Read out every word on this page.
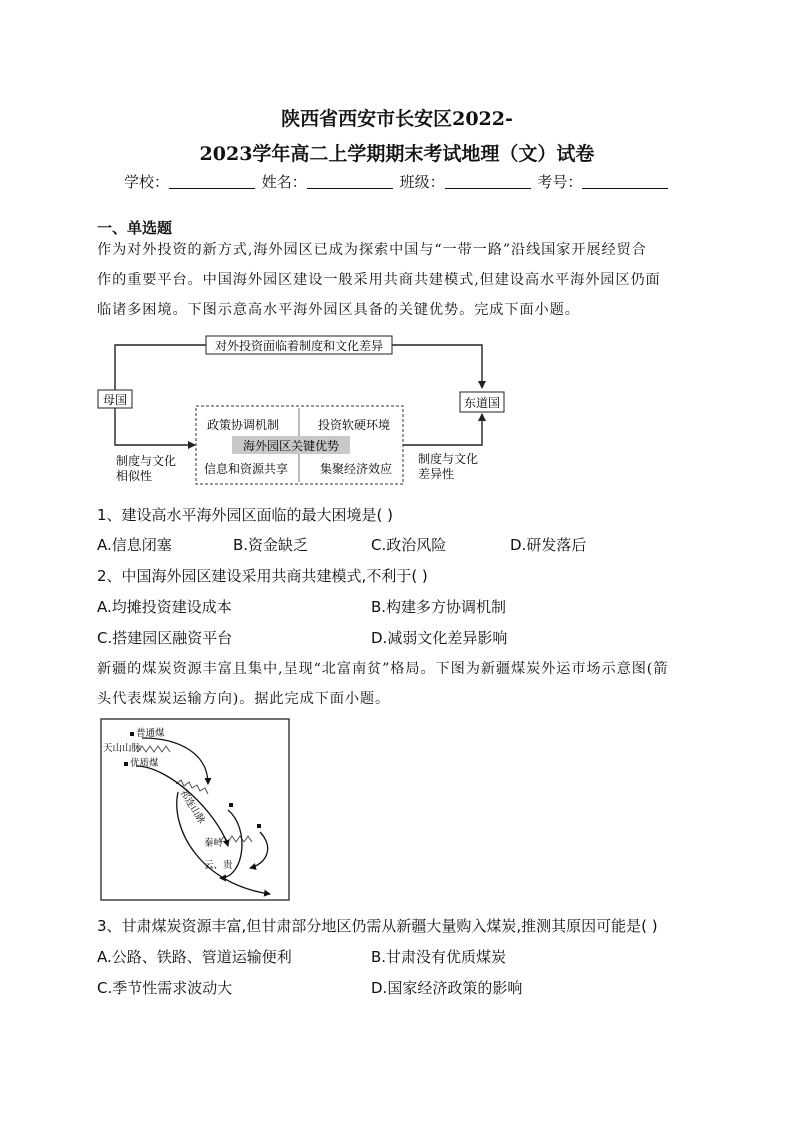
陕西省西安市长安区2022-
2023学年高二上学期期末考试地理（文）试卷
学校：	姓名：	班级：	考号：
一、单选题
作为对外投资的新方式,海外园区已成为探索中国与“一带一路”沿线国家开展经贸合
作的重要平台。中国海外园区建设一般采用共商共建模式,但建设高水平海外园区仍面
临诸多困境。下图示意高水平海外园区具备的关键优势。完成下面小题。
对外投资面临着制度和文化差异
母国	东道国
政策协调机制	投资软硬环境
信息和资源共享	集聚经济效应
海外园区关键优势
制度与文化
相似性
制度与文化
差异性
1、建设高水平海外园区面临的最大困境是( )
A.信息闭塞	B.资金缺乏	C.政治风险	D.研发落后
2、中国海外园区建设采用共商共建模式,不利于( )
A.均摊投资建设成本	B.构建多方协调机制
C.搭建园区融资平台	D.减弱文化差异影响
新疆的煤炭资源丰富且集中,呈现“北富南贫”格局。下图为新疆煤炭外运市场示意图(箭
头代表煤炭运输方向)。据此完成下面小题。
普通煤
天山山脉
优质煤
祁连山脉
秦岭
云、贵
3、甘肃煤炭资源丰富,但甘肃部分地区仍需从新疆大量购入煤炭,推测其原因可能是( )
A.公路、铁路、管道运输便利	B.甘肃没有优质煤炭
C.季节性需求波动大	D.国家经济政策的影响
